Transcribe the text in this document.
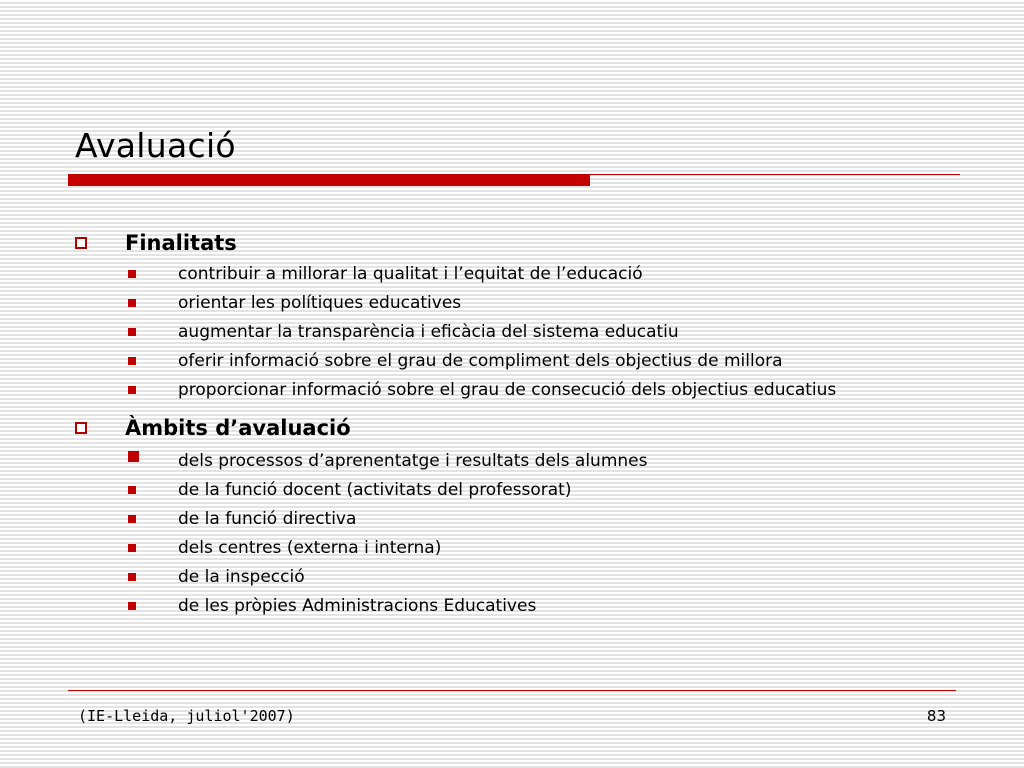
Avaluació
Finalitats
contribuir a millorar la qualitat i l’equitat de l’educació
orientar les polítiques educatives
augmentar la transparència i eficàcia del sistema educatiu
oferir informació sobre el grau de compliment dels objectius de millora
proporcionar informació sobre el grau de consecució dels objectius educatius
Àmbits d’avaluació
dels processos d’aprenentatge i resultats dels alumnes
de la funció docent (activitats del professorat)
de la funció directiva
dels centres (externa i interna)
de la inspecció
de les pròpies Administracions Educatives
(IE-Lleida, juliol'2007)	83
